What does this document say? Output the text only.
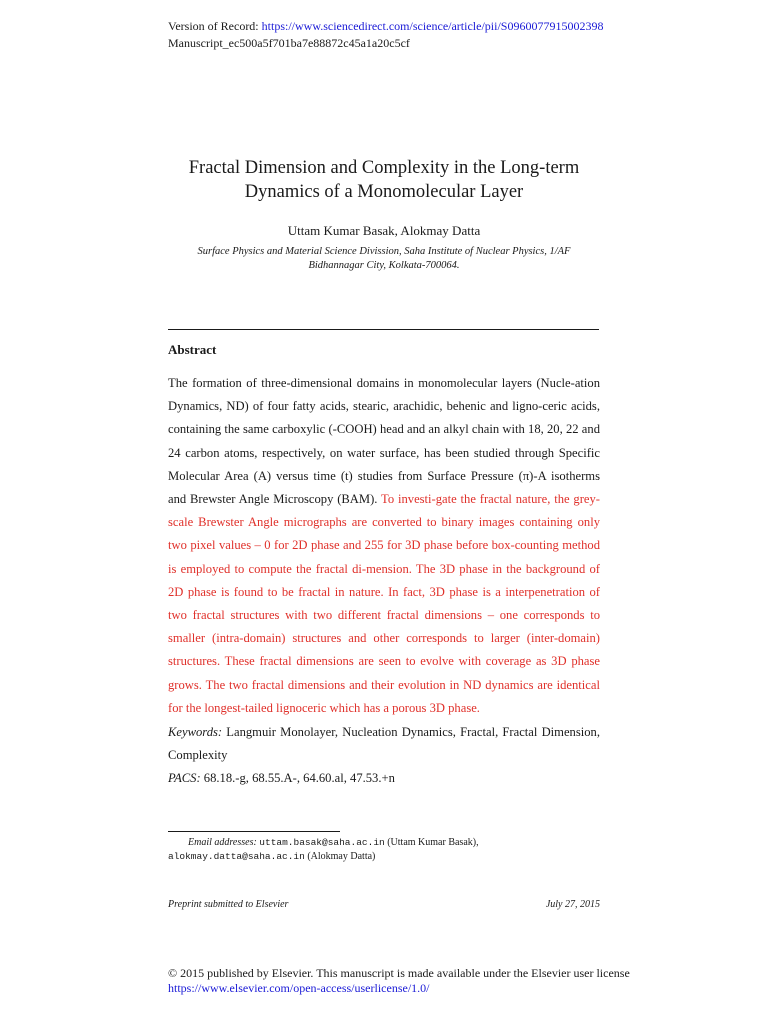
Version of Record: https://www.sciencedirect.com/science/article/pii/S0960077915002398
Manuscript_ec500a5f701ba7e88872c45a1a20c5cf
Fractal Dimension and Complexity in the Long-term
Dynamics of a Monomolecular Layer
Uttam Kumar Basak, Alokmay Datta
Surface Physics and Material Science Divission, Saha Institute of Nuclear Physics, 1/AF
Bidhannagar City, Kolkata-700064.
Abstract
The formation of three-dimensional domains in monomolecular layers (Nucle-ation Dynamics, ND) of four fatty acids, stearic, arachidic, behenic and ligno-ceric acids, containing the same carboxylic (-COOH) head and an alkyl chain with 18, 20, 22 and 24 carbon atoms, respectively, on water surface, has been studied through Specific Molecular Area (A) versus time (t) studies from Surface Pressure (π)-A isotherms and Brewster Angle Microscopy (BAM). To investi-gate the fractal nature, the grey-scale Brewster Angle micrographs are converted to binary images containing only two pixel values – 0 for 2D phase and 255 for 3D phase before box-counting method is employed to compute the fractal di-mension. The 3D phase in the background of 2D phase is found to be fractal in nature. In fact, 3D phase is a interpenetration of two fractal structures with two different fractal dimensions – one corresponds to smaller (intra-domain) structures and other corresponds to larger (inter-domain) structures. These fractal dimensions are seen to evolve with coverage as 3D phase grows. The two fractal dimensions and their evolution in ND dynamics are identical for the longest-tailed lignoceric which has a porous 3D phase.
Keywords: Langmuir Monolayer, Nucleation Dynamics, Fractal, Fractal Dimension, Complexity
PACS: 68.18.-g, 68.55.A-, 64.60.al, 47.53.+n
Email addresses: uttam.basak@saha.ac.in (Uttam Kumar Basak),
alokmay.datta@saha.ac.in (Alokmay Datta)
Preprint submitted to Elsevier	July 27, 2015
© 2015 published by Elsevier. This manuscript is made available under the Elsevier user license
https://www.elsevier.com/open-access/userlicense/1.0/
